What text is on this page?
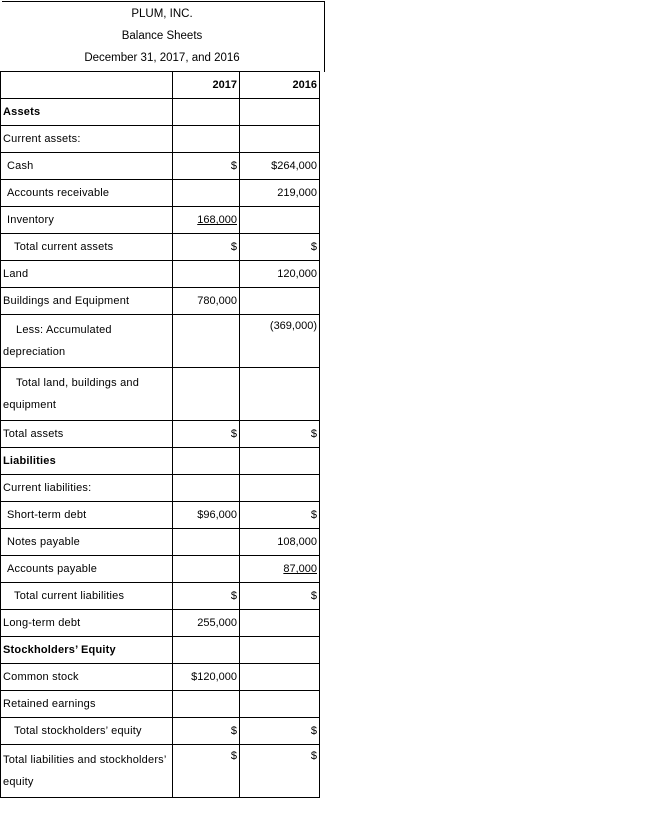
PLUM, INC.
Balance Sheets
December 31, 2017, and 2016
	2017	2016
Assets		
Current assets:		
Cash	$	$264,000
Accounts receivable		219,000
Inventory	168,000	
Total current assets	$	$
Land		120,000
Buildings and Equipment	780,000	
Less: Accumulated depreciation		(369,000)
Total land, buildings and equipment		
Total assets	$	$
Liabilities		
Current liabilities:		
Short-term debt	$96,000	$
Notes payable		108,000
Accounts payable		87,000
Total current liabilities	$	$
Long-term debt	255,000	
Stockholders’ Equity		
Common stock	$120,000	
Retained earnings		
Total stockholders’ equity	$	$
Total liabilities and stockholders’ equity	$	$
